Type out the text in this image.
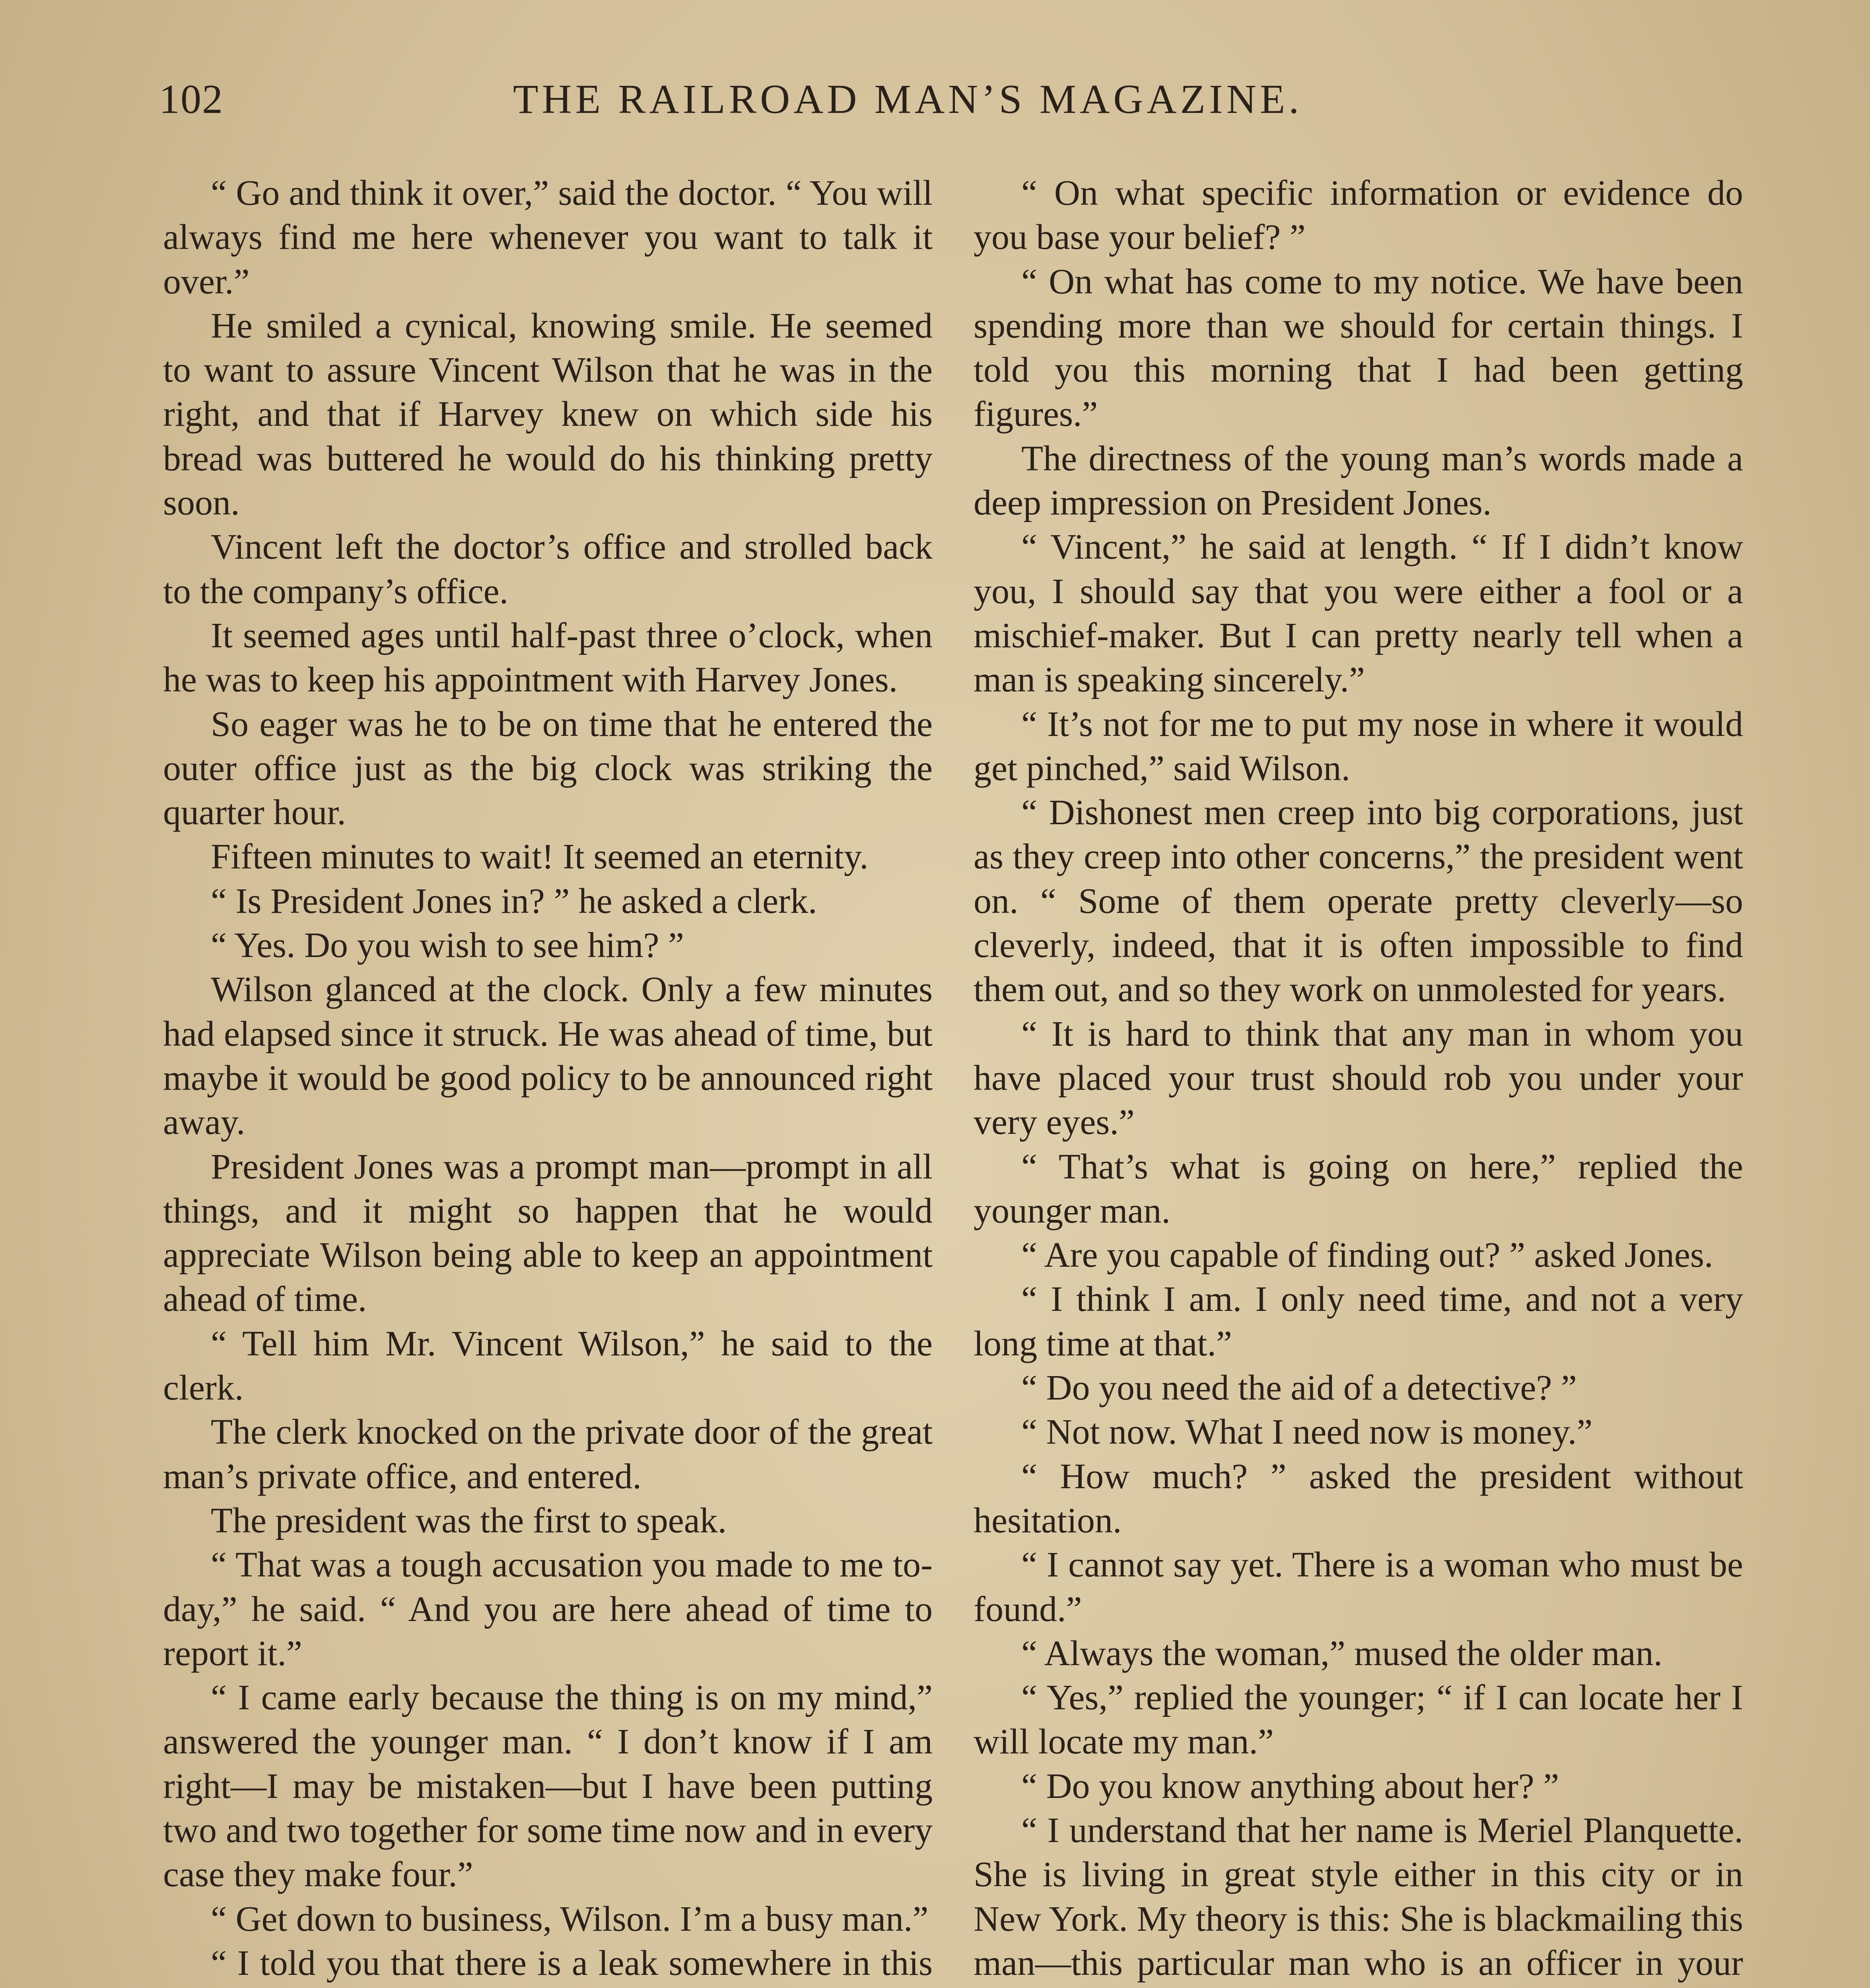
102	THE RAILROAD MAN’S MAGAZINE.

“ Go and think it over,” said the doctor. “ You will always find me here whenever you want to talk it over.”

He smiled a cynical, knowing smile. He seemed to want to assure Vincent Wilson that he was in the right, and that if Harvey knew on which side his bread was buttered he would do his thinking pretty soon.

Vincent left the doctor’s office and strolled back to the company’s office.

It seemed ages until half-past three o’clock, when he was to keep his appointment with Harvey Jones.

So eager was he to be on time that he entered the outer office just as the big clock was striking the quarter hour.

Fifteen minutes to wait! It seemed an eternity.

“ Is President Jones in? ” he asked a clerk.

“ Yes. Do you wish to see him? ”

Wilson glanced at the clock. Only a few minutes had elapsed since it struck. He was ahead of time, but maybe it would be good policy to be announced right away.

President Jones was a prompt man—prompt in all things, and it might so happen that he would appreciate Wilson being able to keep an appointment ahead of time.

“ Tell him Mr. Vincent Wilson,” he said to the clerk.

The clerk knocked on the private door of the great man’s private office, and entered.

The president was the first to speak.

“ That was a tough accusation you made to me to-day,” he said. “ And you are here ahead of time to report it.”

“ I came early because the thing is on my mind,” answered the younger man. “ I don’t know if I am right—I may be mistaken—but I have been putting two and two together for some time now and in every case they make four.”

“ Get down to business, Wilson. I’m a busy man.”

“ I told you that there is a leak somewhere in this

“ On what specific information or evidence do you base your belief? ”

“ On what has come to my notice. We have been spending more than we should for certain things. I told you this morning that I had been getting figures.”

The directness of the young man’s words made a deep impression on President Jones.

“ Vincent,” he said at length. “ If I didn’t know you, I should say that you were either a fool or a mischief-maker. But I can pretty nearly tell when a man is speaking sincerely.”

“ It’s not for me to put my nose in where it would get pinched,” said Wilson.

“ Dishonest men creep into big corporations, just as they creep into other concerns,” the president went on. “ Some of them operate pretty cleverly—so cleverly, indeed, that it is often impossible to find them out, and so they work on unmolested for years.

“ It is hard to think that any man in whom you have placed your trust should rob you under your very eyes.”

“ That’s what is going on here,” replied the younger man.

“ Are you capable of finding out? ” asked Jones.

“ I think I am. I only need time, and not a very long time at that.”

“ Do you need the aid of a detective? ”

“ Not now. What I need now is money.”

“ How much? ” asked the president without hesitation.

“ I cannot say yet. There is a woman who must be found.”

“ Always the woman,” mused the older man.

“ Yes,” replied the younger; “ if I can locate her I will locate my man.”

“ Do you know anything about her? ”

“ I understand that her name is Meriel Planquette. She is living in great style either in this city or in New York. My theory is this: She is blackmailing this man—this particular man who is an officer in your
